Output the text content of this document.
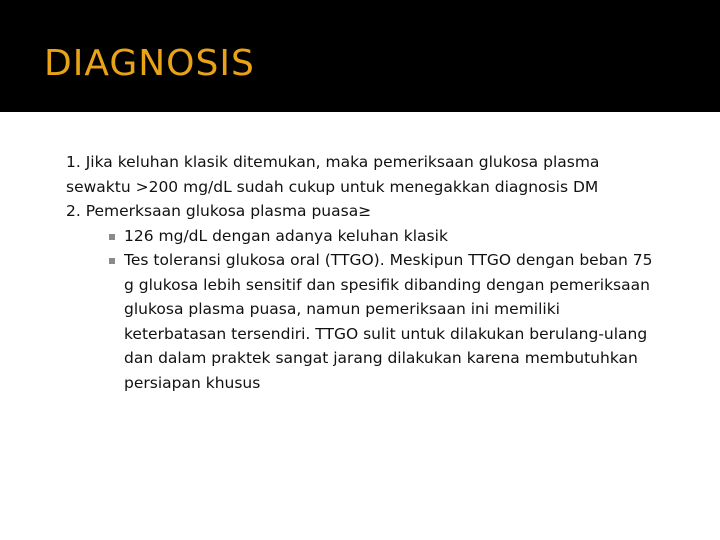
DIAGNOSIS
1. Jika keluhan klasik ditemukan, maka pemeriksaan glukosa plasma
sewaktu >200 mg/dL sudah cukup untuk menegakkan diagnosis DM
2. Pemerksaan glukosa plasma puasa≥
126 mg/dL dengan adanya keluhan klasik
Tes toleransi glukosa oral (TTGO). Meskipun TTGO dengan beban 75 g glukosa lebih sensitif dan spesifik dibanding dengan pemeriksaan glukosa plasma puasa, namun pemeriksaan ini memiliki keterbatasan tersendiri. TTGO sulit untuk dilakukan berulang-ulang dan dalam praktek sangat jarang dilakukan karena membutuhkan persiapan khusus
